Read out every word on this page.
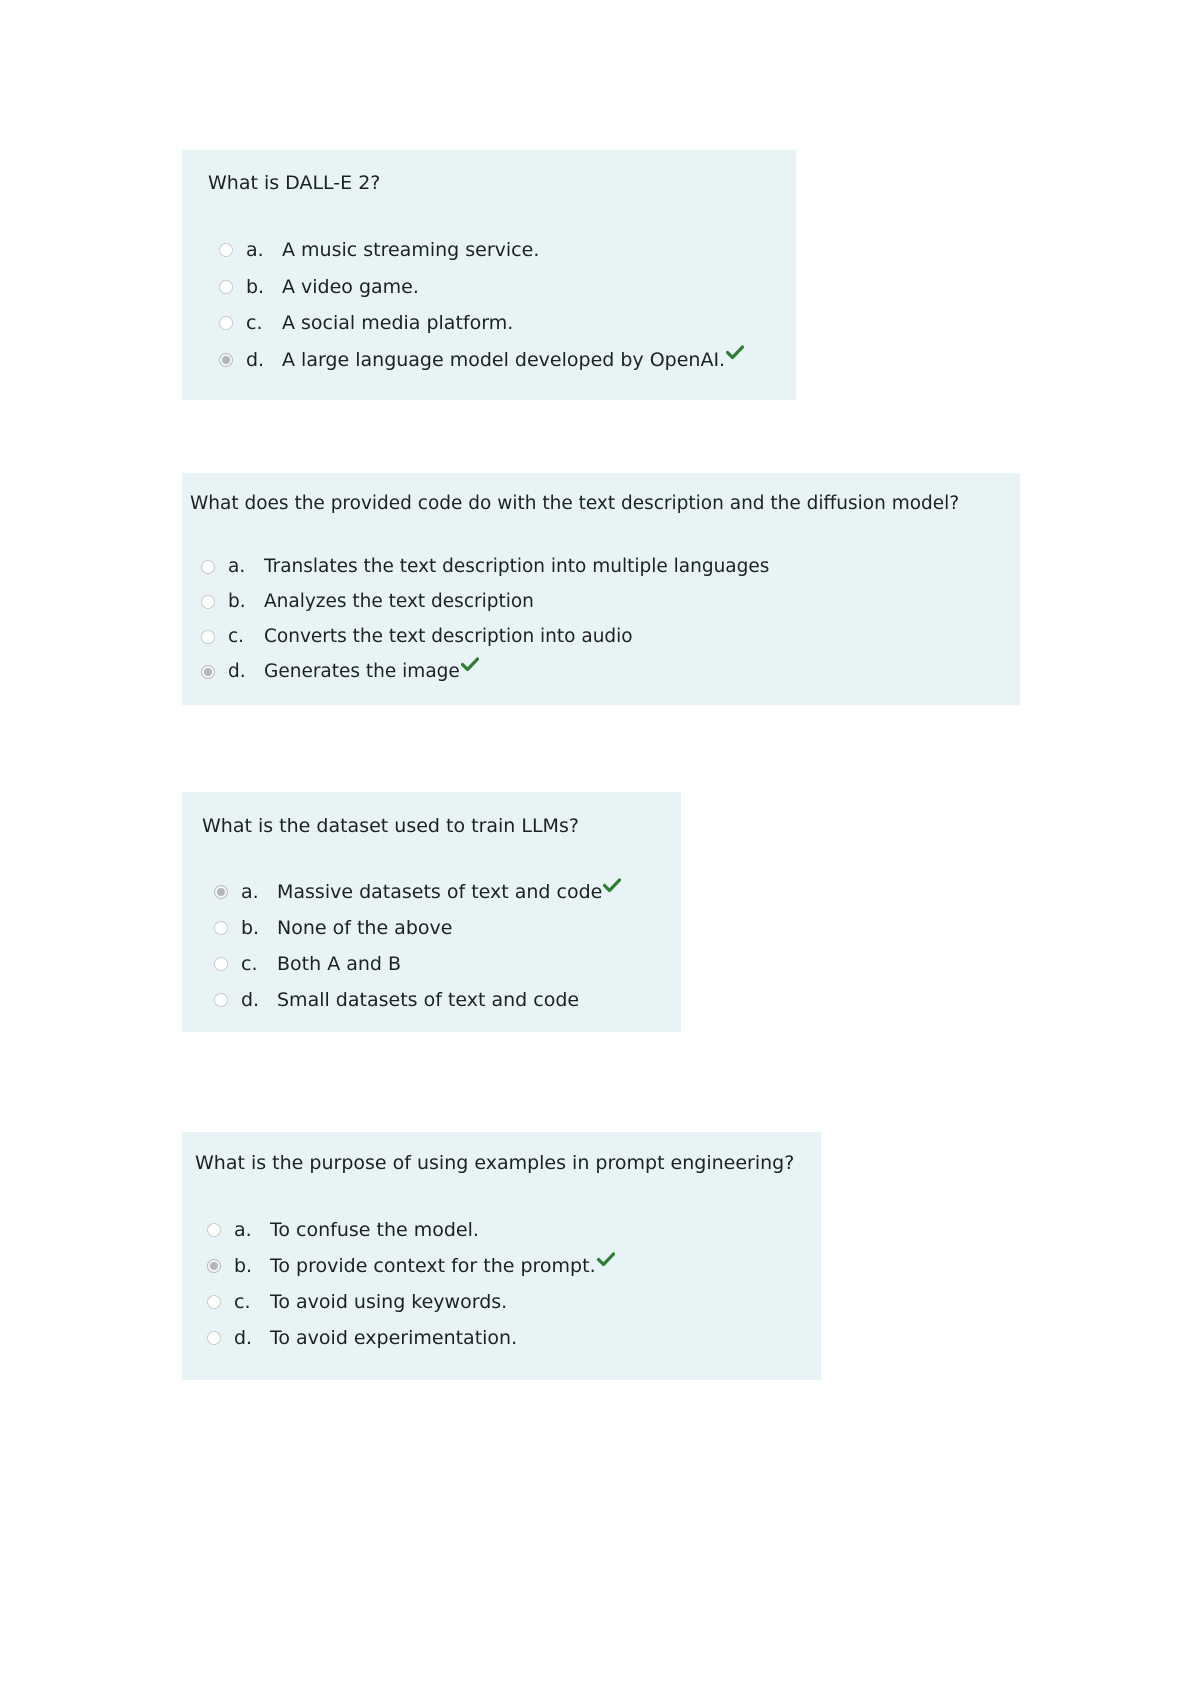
What is DALL-E 2?
a. A music streaming service.
b. A video game.
c.	A social media platform.
d. A large language model developed by OpenAI.
What does the provided code do with the text description and the diffusion model?
a.	Translates the text description into multiple languages
b. Analyzes the text description
c.	Converts the text description into audio
d. Generates the image
What is the dataset used to train LLMs?
a. Massive datasets of text and code
b. None of the above
c.	Both A and B
d. Small datasets of text and code
What is the purpose of using examples in prompt engineering?
a. To confuse the model.
b. To provide context for the prompt.
c.	To avoid using keywords.
d. To avoid experimentation.
